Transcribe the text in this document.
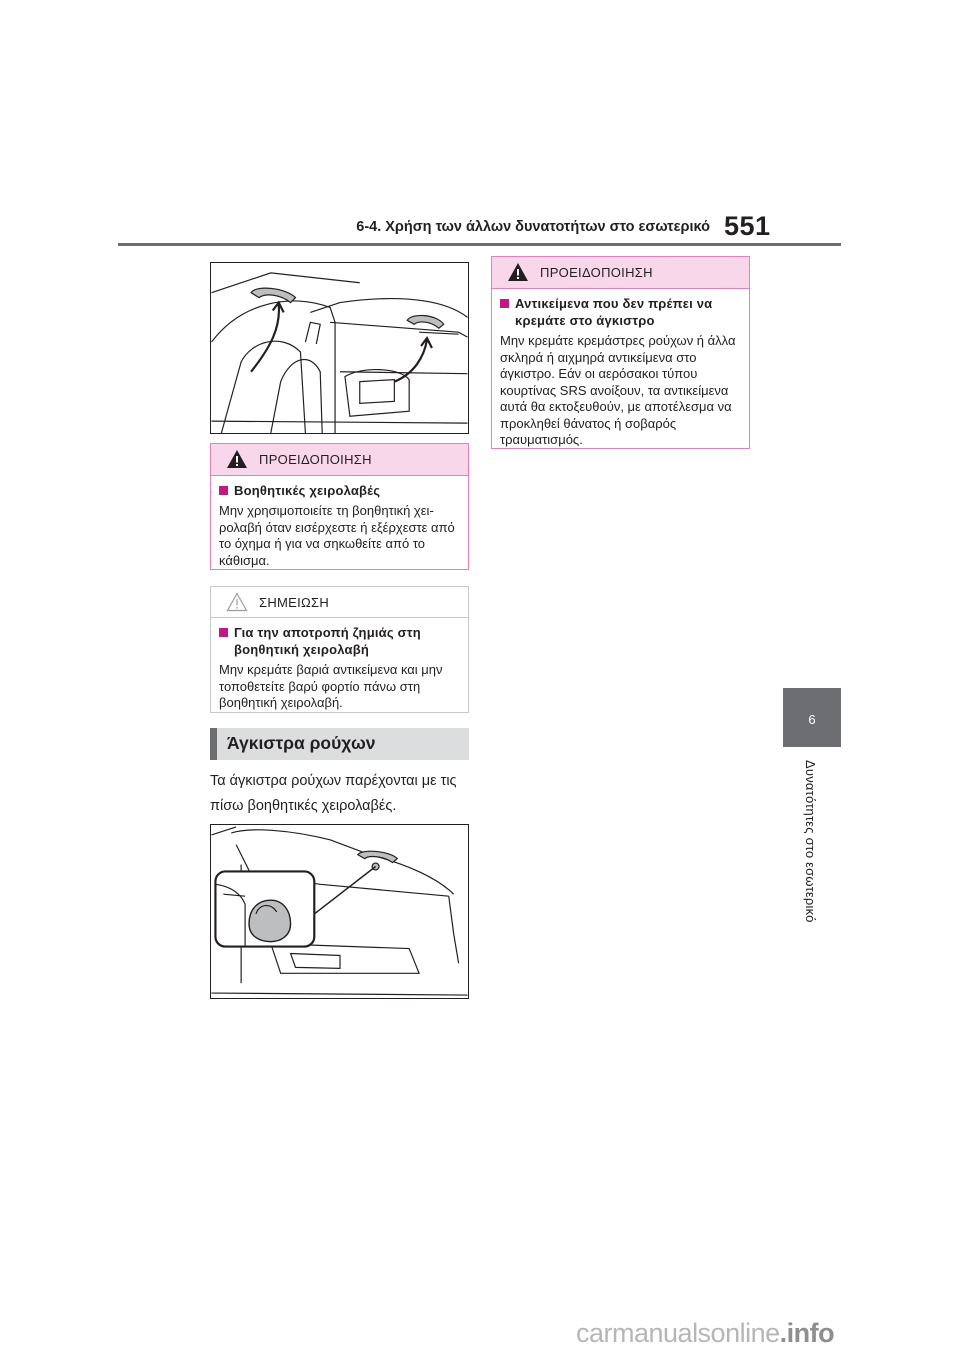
6-4. Χρήση των άλλων δυνατοτήτων στο εσωτερικό 551
6
Δυνατότητες στο εσωτερικό
ΠΡΟΕΙΔΟΠΟΙΗΣΗ
Βοηθητικές χειρολαβές
Μην χρησιμοποιείτε τη βοηθητική χει-ρολαβή όταν εισέρχεστε ή εξέρχεστε από το όχημα ή για να σηκωθείτε από το κάθισμα.
ΣΗΜΕΙΩΣΗ
Για την αποτροπή ζημιάς στη βοηθητική χειρολαβή
Μην κρεμάτε βαριά αντικείμενα και μην τοποθετείτε βαρύ φορτίο πάνω στη βοηθητική χειρολαβή.
Άγκιστρα ρούχων
Τα άγκιστρα ρούχων παρέχονται με τις πίσω βοηθητικές χειρολαβές.
ΠΡΟΕΙΔΟΠΟΙΗΣΗ
Αντικείμενα που δεν πρέπει να κρεμάτε στο άγκιστρο
Μην κρεμάτε κρεμάστρες ρούχων ή άλλα σκληρά ή αιχμηρά αντικείμενα στο άγκιστρο. Εάν οι αερόσακοι τύπου κουρτίνας SRS ανοίξουν, τα αντικείμενα αυτά θα εκτοξευθούν, με αποτέλεσμα να προκληθεί θάνατος ή σοβαρός τραυματισμός.
carmanualsonline.info
